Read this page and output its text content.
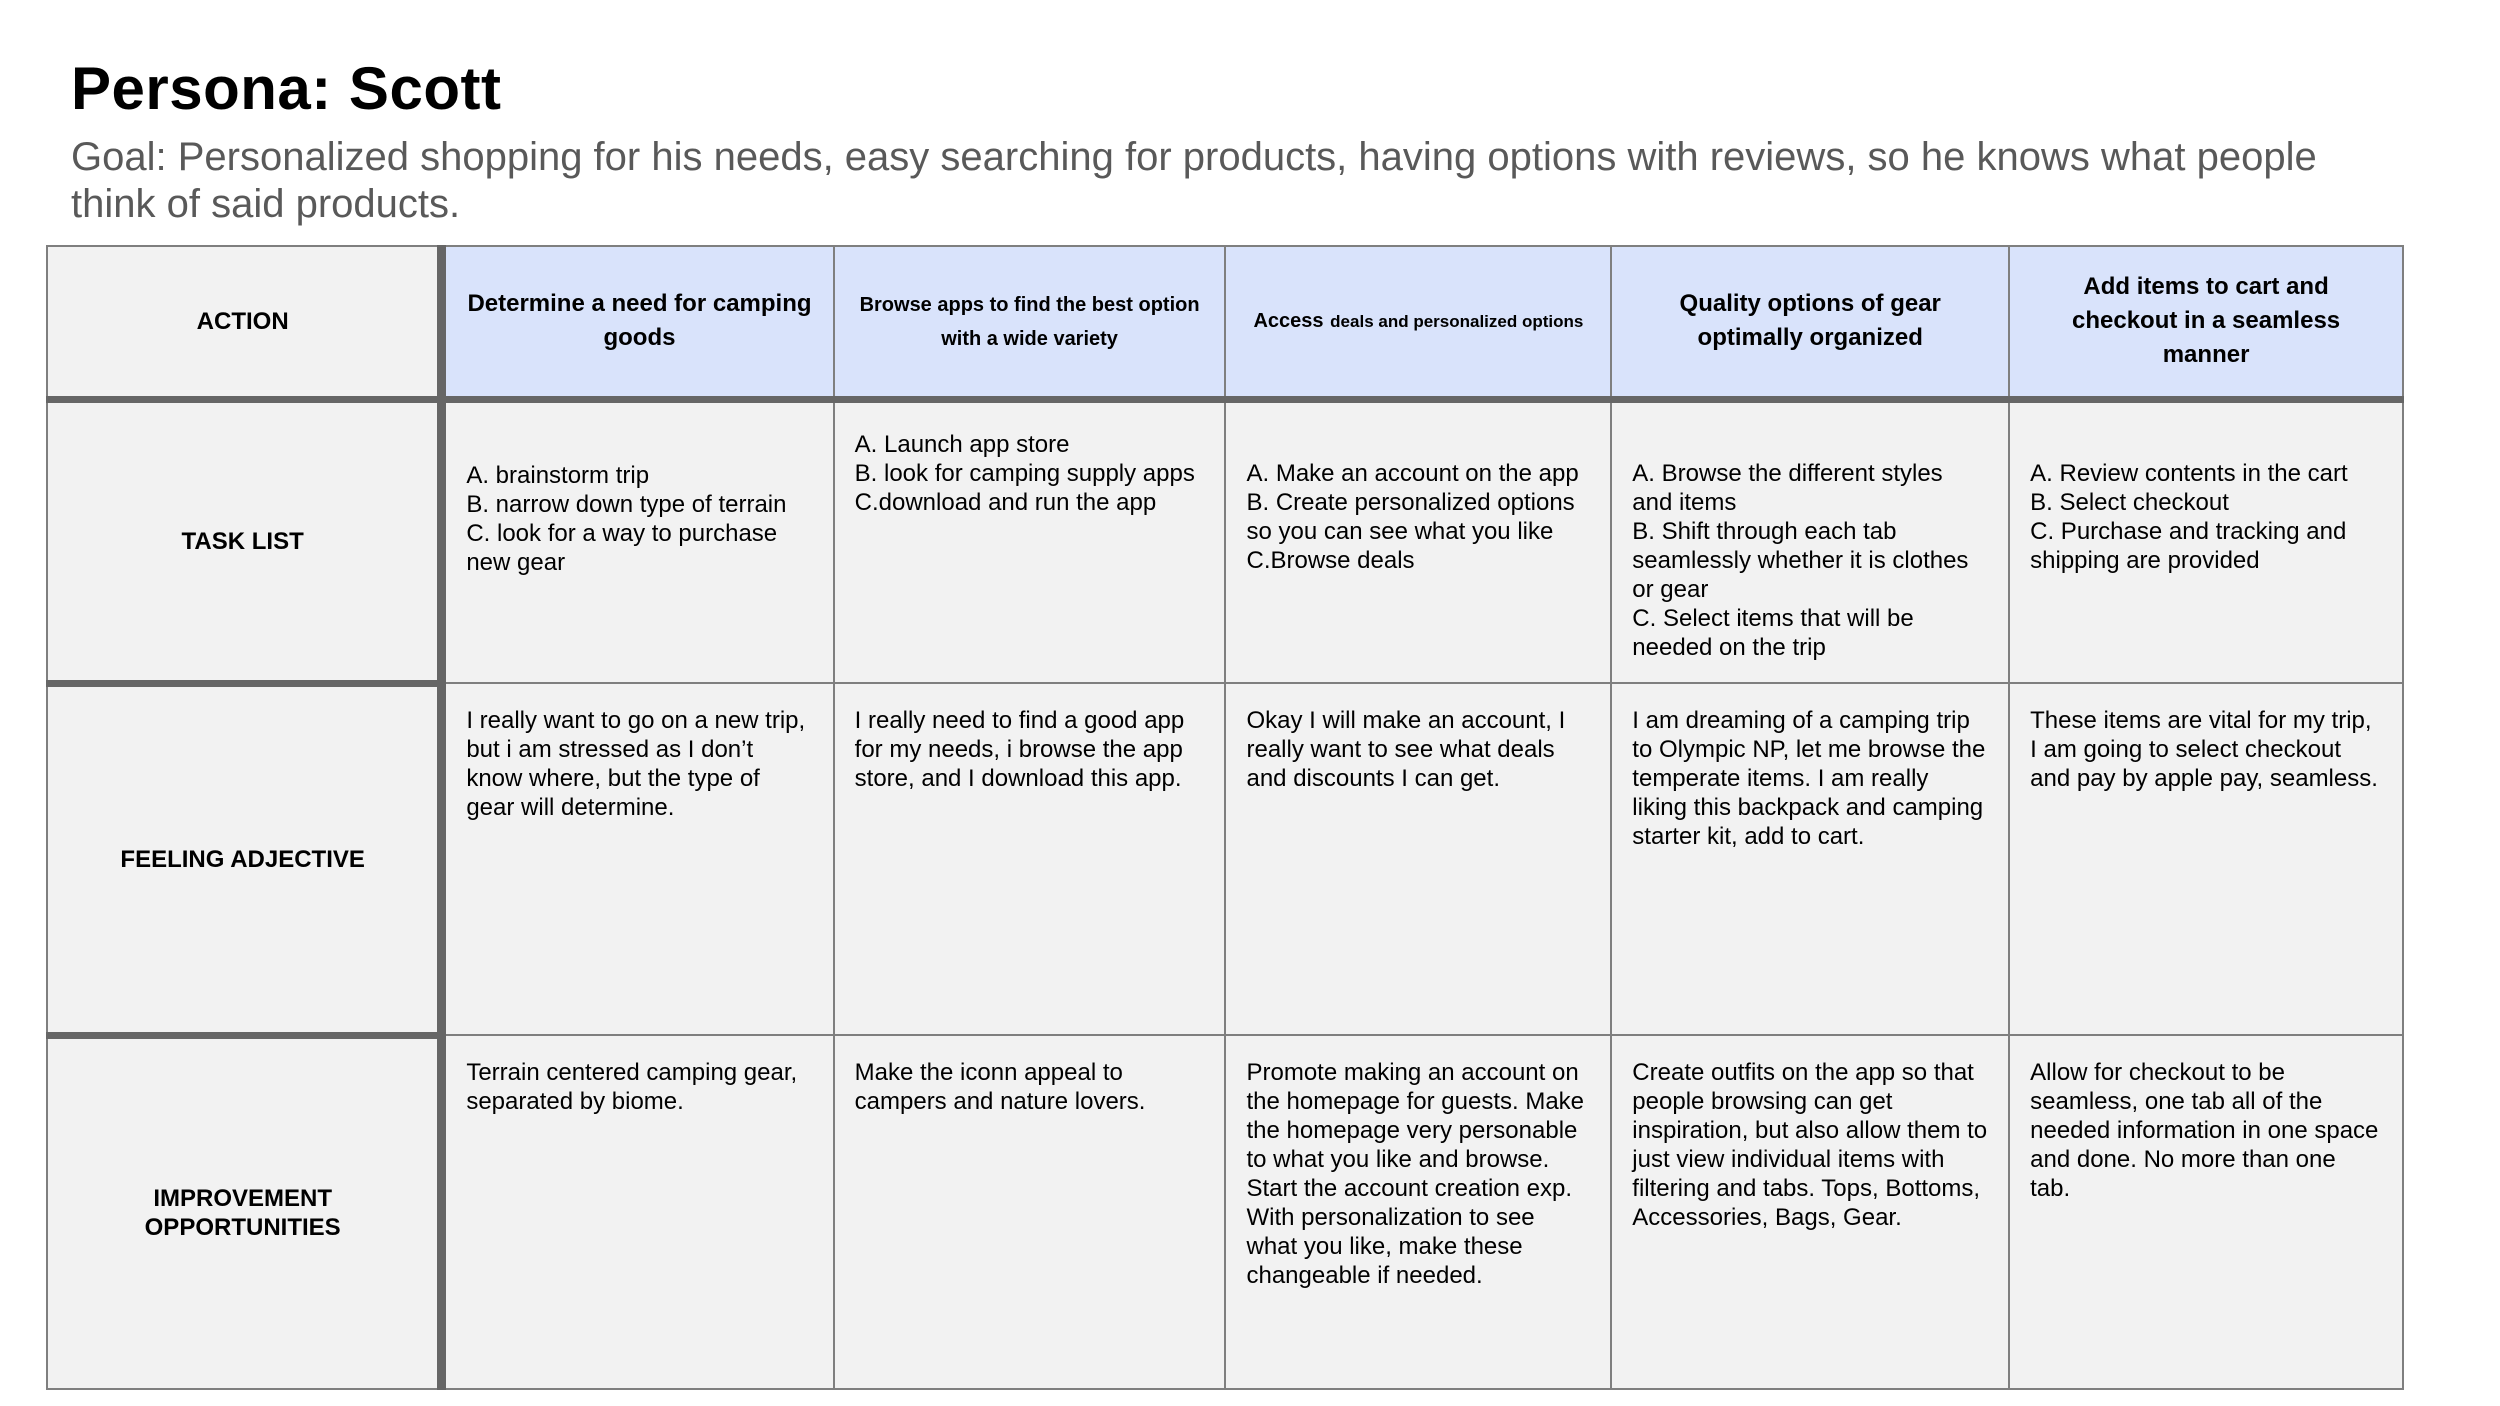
Persona: Scott
Goal: Personalized shopping for his needs, easy searching for products, having options with reviews, so he knows what people think of said products.
ACTION	Determine a need for camping goods	Browse apps to find the best option with a wide variety	Access deals and personalized options	Quality options of gear optimally organized	Add items to cart and checkout in a seamless manner

TASK LIST	A. brainstorm trip
B. narrow down type of terrain
C. look for a way to purchase new gear	A. Launch app store
B. look for camping supply apps
C.download and run the app	A. Make an account on the app
B. Create personalized options so you can see what you like
C.Browse deals	A. Browse the different styles and items
B. Shift through each tab seamlessly whether it is clothes or gear
C. Select items that will be needed on the trip	A. Review contents in the cart
B. Select checkout
C. Purchase and tracking and shipping are provided

FEELING ADJECTIVE	I really want to go on a new trip, but i am stressed as I don’t know where, but the type of gear will determine.	I really need to find a good app for my needs, i browse the app store, and I download this app.	Okay I will make an account, I really want to see what deals and discounts I can get.	I am dreaming of a camping trip to Olympic NP, let me browse the temperate items. I am really liking this backpack and camping starter kit, add to cart.	These items are vital for my trip, I am going to select checkout and pay by apple pay, seamless.

IMPROVEMENT
OPPORTUNITIES	Terrain centered camping gear, separated by biome.	Make the iconn appeal to campers and nature lovers.	Promote making an account on the homepage for guests. Make the homepage very personable to what you like and browse. Start the account creation exp. With personalization to see what you like, make these changeable if needed.	Create outfits on the app so that people browsing can get inspiration, but also allow them to just view individual items with filtering and tabs. Tops, Bottoms, Accessories, Bags, Gear.	Allow for checkout to be seamless, one tab all of the needed information in one space and done. No more than one tab.
